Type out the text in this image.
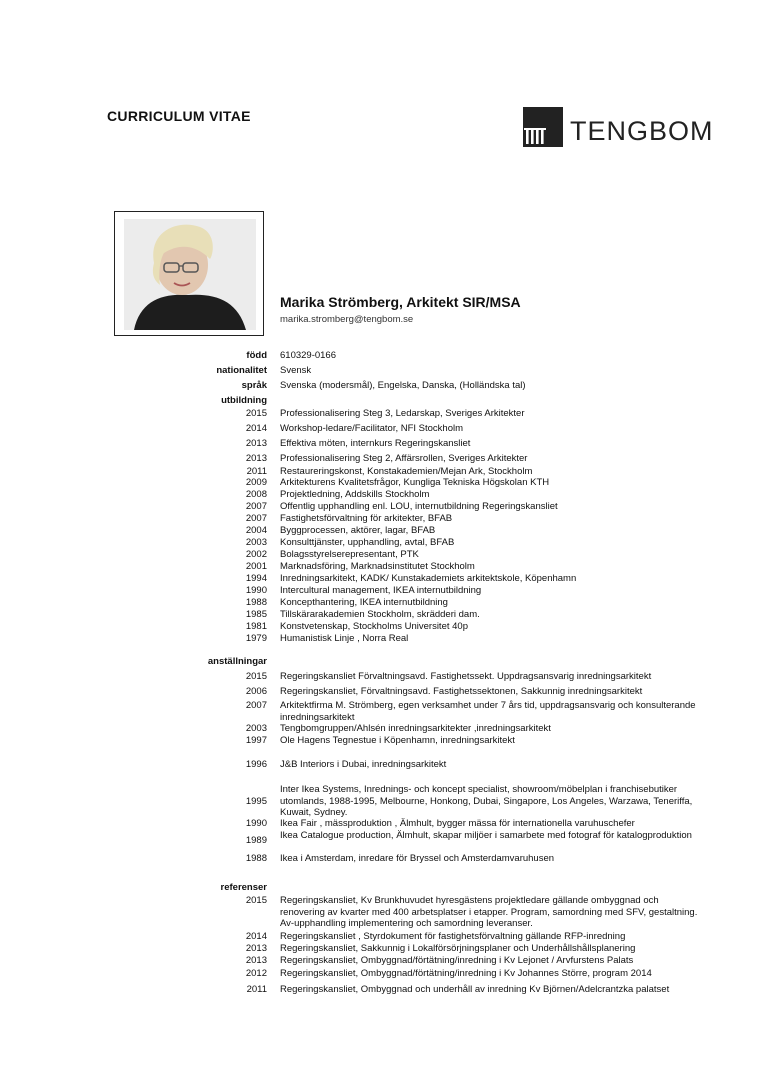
CURRICULUM VITAE	TENGBOM
Marika Strömberg, Arkitekt SIR/MSA
marika.stromberg@tengbom.se
född 610329-0166
nationalitet Svensk
språk Svenska (modersmål), Engelska, Danska, (Holländska tal)
utbildning
2015 Professionalisering Steg 3, Ledarskap, Sveriges Arkitekter
2014 Workshop-ledare/Facilitator, NFI Stockholm
2013 Effektiva möten, internkurs Regeringskansliet
2013 Professionalisering Steg 2, Affärsrollen, Sveriges Arkitekter
2011 Restaureringskonst, Konstakademien/Mejan Ark, Stockholm
2009 Arkitekturens Kvalitetsfrågor, Kungliga Tekniska Högskolan KTH
2008 Projektledning, Addskills Stockholm
2007 Offentlig upphandling enl. LOU, internutbildning Regeringskansliet
2007 Fastighetsförvaltning för arkitekter, BFAB
2004 Byggprocessen, aktörer, lagar, BFAB
2003 Konsulttjänster, upphandling, avtal, BFAB
2002 Bolagsstyrelserepresentant, PTK
2001 Marknadsföring, Marknadsinstitutet Stockholm
1994 Inredningsarkitekt, KADK/ Kunstakademiets arkitektskole, Köpenhamn
1990 Intercultural management, IKEA internutbildning
1988 Koncepthantering, IKEA internutbildning
1985 Tillskärarakademien Stockholm, skrädderi dam.
1981 Konstvetenskap, Stockholms Universitet 40p
1979 Humanistisk Linje , Norra Real
anställningar
2015 Regeringskansliet Förvaltningsavd. Fastighetssekt. Uppdragsansvarig inredningsarkitekt
2006 Regeringskansliet, Förvaltningsavd. Fastighetssektonen, Sakkunnig inredningsarkitekt
2007 Arkitektfirma M. Strömberg, egen verksamhet under 7 års tid, uppdragsansvarig och konsulterande inredningsarkitekt
2003 Tengbomgruppen/Ahlsén inredningsarkitekter ,inredningsarkitekt
1997 Ole Hagens Tegnestue i Köpenhamn, inredningsarkitekt
1996 J&B Interiors i Dubai, inredningsarkitekt
1995
Inter Ikea Systems, Inrednings- och koncept specialist, showroom/möbelplan i franchisebutiker utomlands, 1988-1995, Melbourne, Honkong, Dubai, Singapore, Los Angeles, Warzawa, Teneriffa, Kuwait, Sydney.
1990 Ikea Fair , mässproduktion , Älmhult, bygger mässa för internationella varuhuschefer
1989 Ikea Catalogue production, Älmhult, skapar miljöer i samarbete med fotograf för katalogproduktion
1988 Ikea i Amsterdam, inredare för Bryssel och Amsterdamvaruhusen
referenser
2015 Regeringskansliet, Kv Brunkhuvudet hyresgästens projektledare gällande ombyggnad och renovering av kvarter med 400 arbetsplatser i etapper. Program, samordning med SFV, gestaltning. Av-upphandling implementering och samordning leveranser.
2014 Regeringskansliet , Styrdokument för fastighetsförvaltning gällande RFP-inredning
2013 Regeringskansliet, Sakkunnig i Lokalförsörjningsplaner och Underhållshållsplanering
2013 Regeringskansliet, Ombyggnad/förtätning/inredning i Kv Lejonet / Arvfurstens Palats
2012 Regeringskansliet, Ombyggnad/förtätning/inredning i Kv Johannes Större, program 2014
2011 Regeringskansliet, Ombyggnad och underhåll av inredning Kv Björnen/Adelcrantzka palatset
